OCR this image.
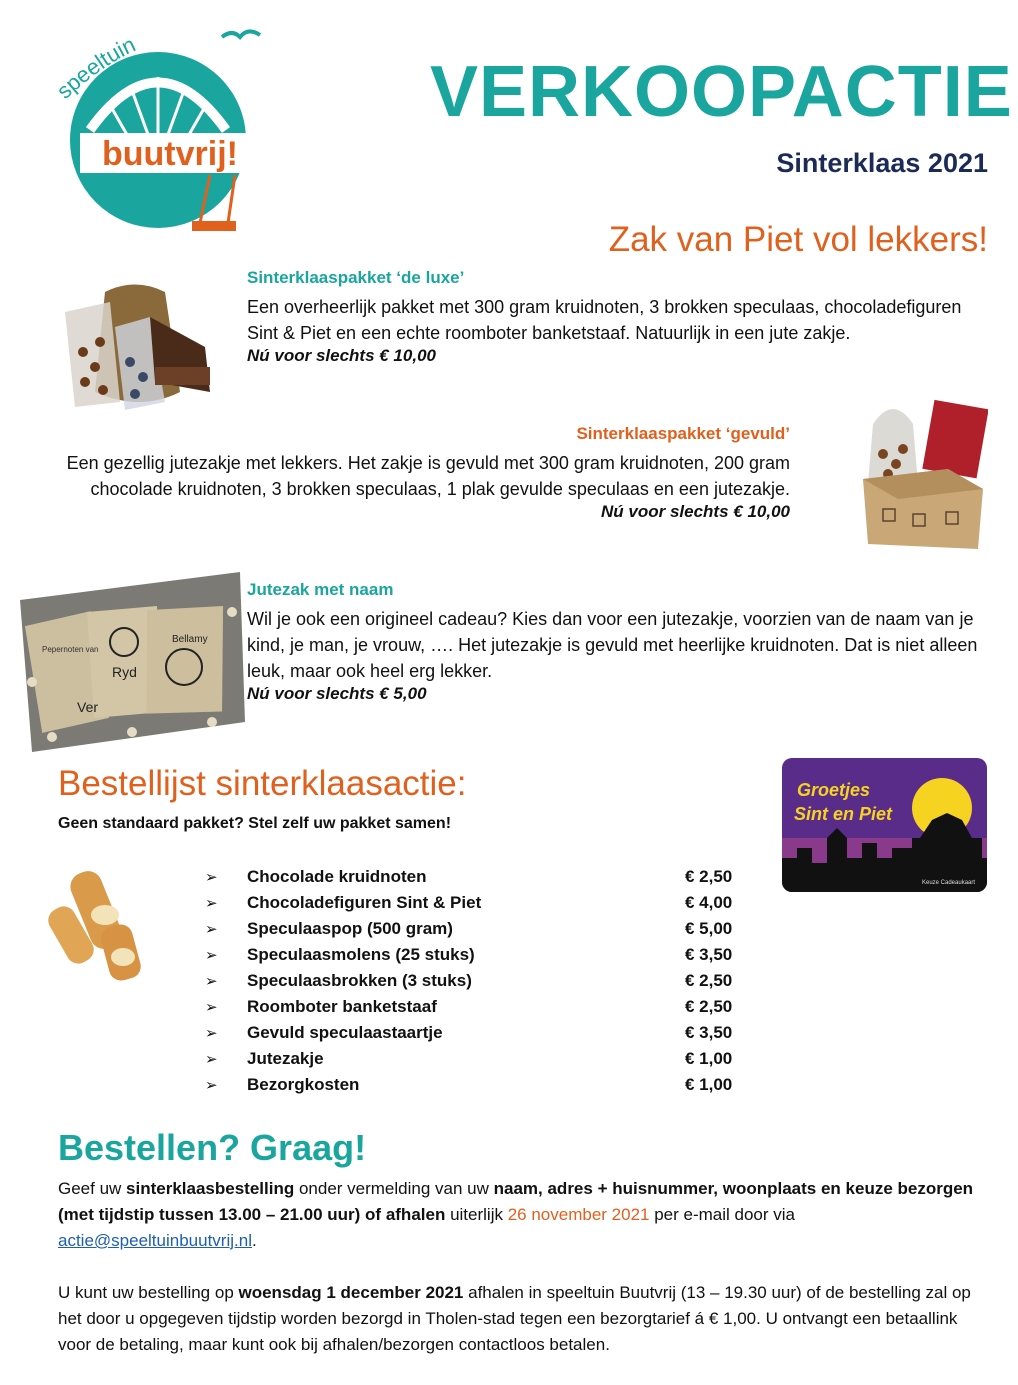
buutvrij!
speeltuin
VERKOOPACTIE
Sinterklaas 2021
Zak van Piet vol lekkers!
Sinterklaaspakket ‘de luxe’
Een overheerlijk pakket met 300 gram kruidnoten, 3 brokken speculaas, chocoladefiguren Sint & Piet en een echte roomboter banketstaaf. Natuurlijk in een jute zakje.
Nú voor slechts € 10,00
Sinterklaaspakket ‘gevuld’
Een gezellig jutezakje met lekkers. Het zakje is gevuld met 300 gram kruidnoten, 200 gram chocolade kruidnoten, 3 brokken speculaas, 1 plak gevulde speculaas en een jutezakje.
Nú voor slechts € 10,00
Pepernoten van
Ver
Ryd
Bellamy
Jutezak met naam
Wil je ook een origineel cadeau? Kies dan voor een jutezakje, voorzien van de naam van je kind, je man, je vrouw, …. Het jutezakje is gevuld met heerlijke kruidnoten. Dat is niet alleen leuk, maar ook heel erg lekker.
Nú voor slechts € 5,00
Bestellijst sinterklaasactie:
Geen standaard pakket? Stel zelf uw pakket samen!
Groetjes
Sint en Piet
Keuze Cadeaukaart
➢	Chocolade kruidnoten	€ 2,50
➢	Chocoladefiguren Sint & Piet	€ 4,00
➢	Speculaaspop (500 gram)	€ 5,00
➢	Speculaasmolens (25 stuks)	€ 3,50
➢	Speculaasbrokken (3 stuks)	€ 2,50
➢	Roomboter banketstaaf	€ 2,50
➢	Gevuld speculaastaartje	€ 3,50
➢	Jutezakje	€ 1,00
➢	Bezorgkosten	€ 1,00
Bestellen? Graag!
Geef uw sinterklaasbestelling onder vermelding van uw naam, adres + huisnummer, woonplaats en keuze bezorgen (met tijdstip tussen 13.00 – 21.00 uur) of afhalen uiterlijk 26 november 2021 per e-mail door via actie@speeltuinbuutvrij.nl.
U kunt uw bestelling op woensdag 1 december 2021 afhalen in speeltuin Buutvrij (13 – 19.30 uur) of de bestelling zal op het door u opgegeven tijdstip worden bezorgd in Tholen-stad tegen een bezorgtarief á € 1,00. U ontvangt een betaallink voor de betaling, maar kunt ook bij afhalen/bezorgen contactloos betalen.
